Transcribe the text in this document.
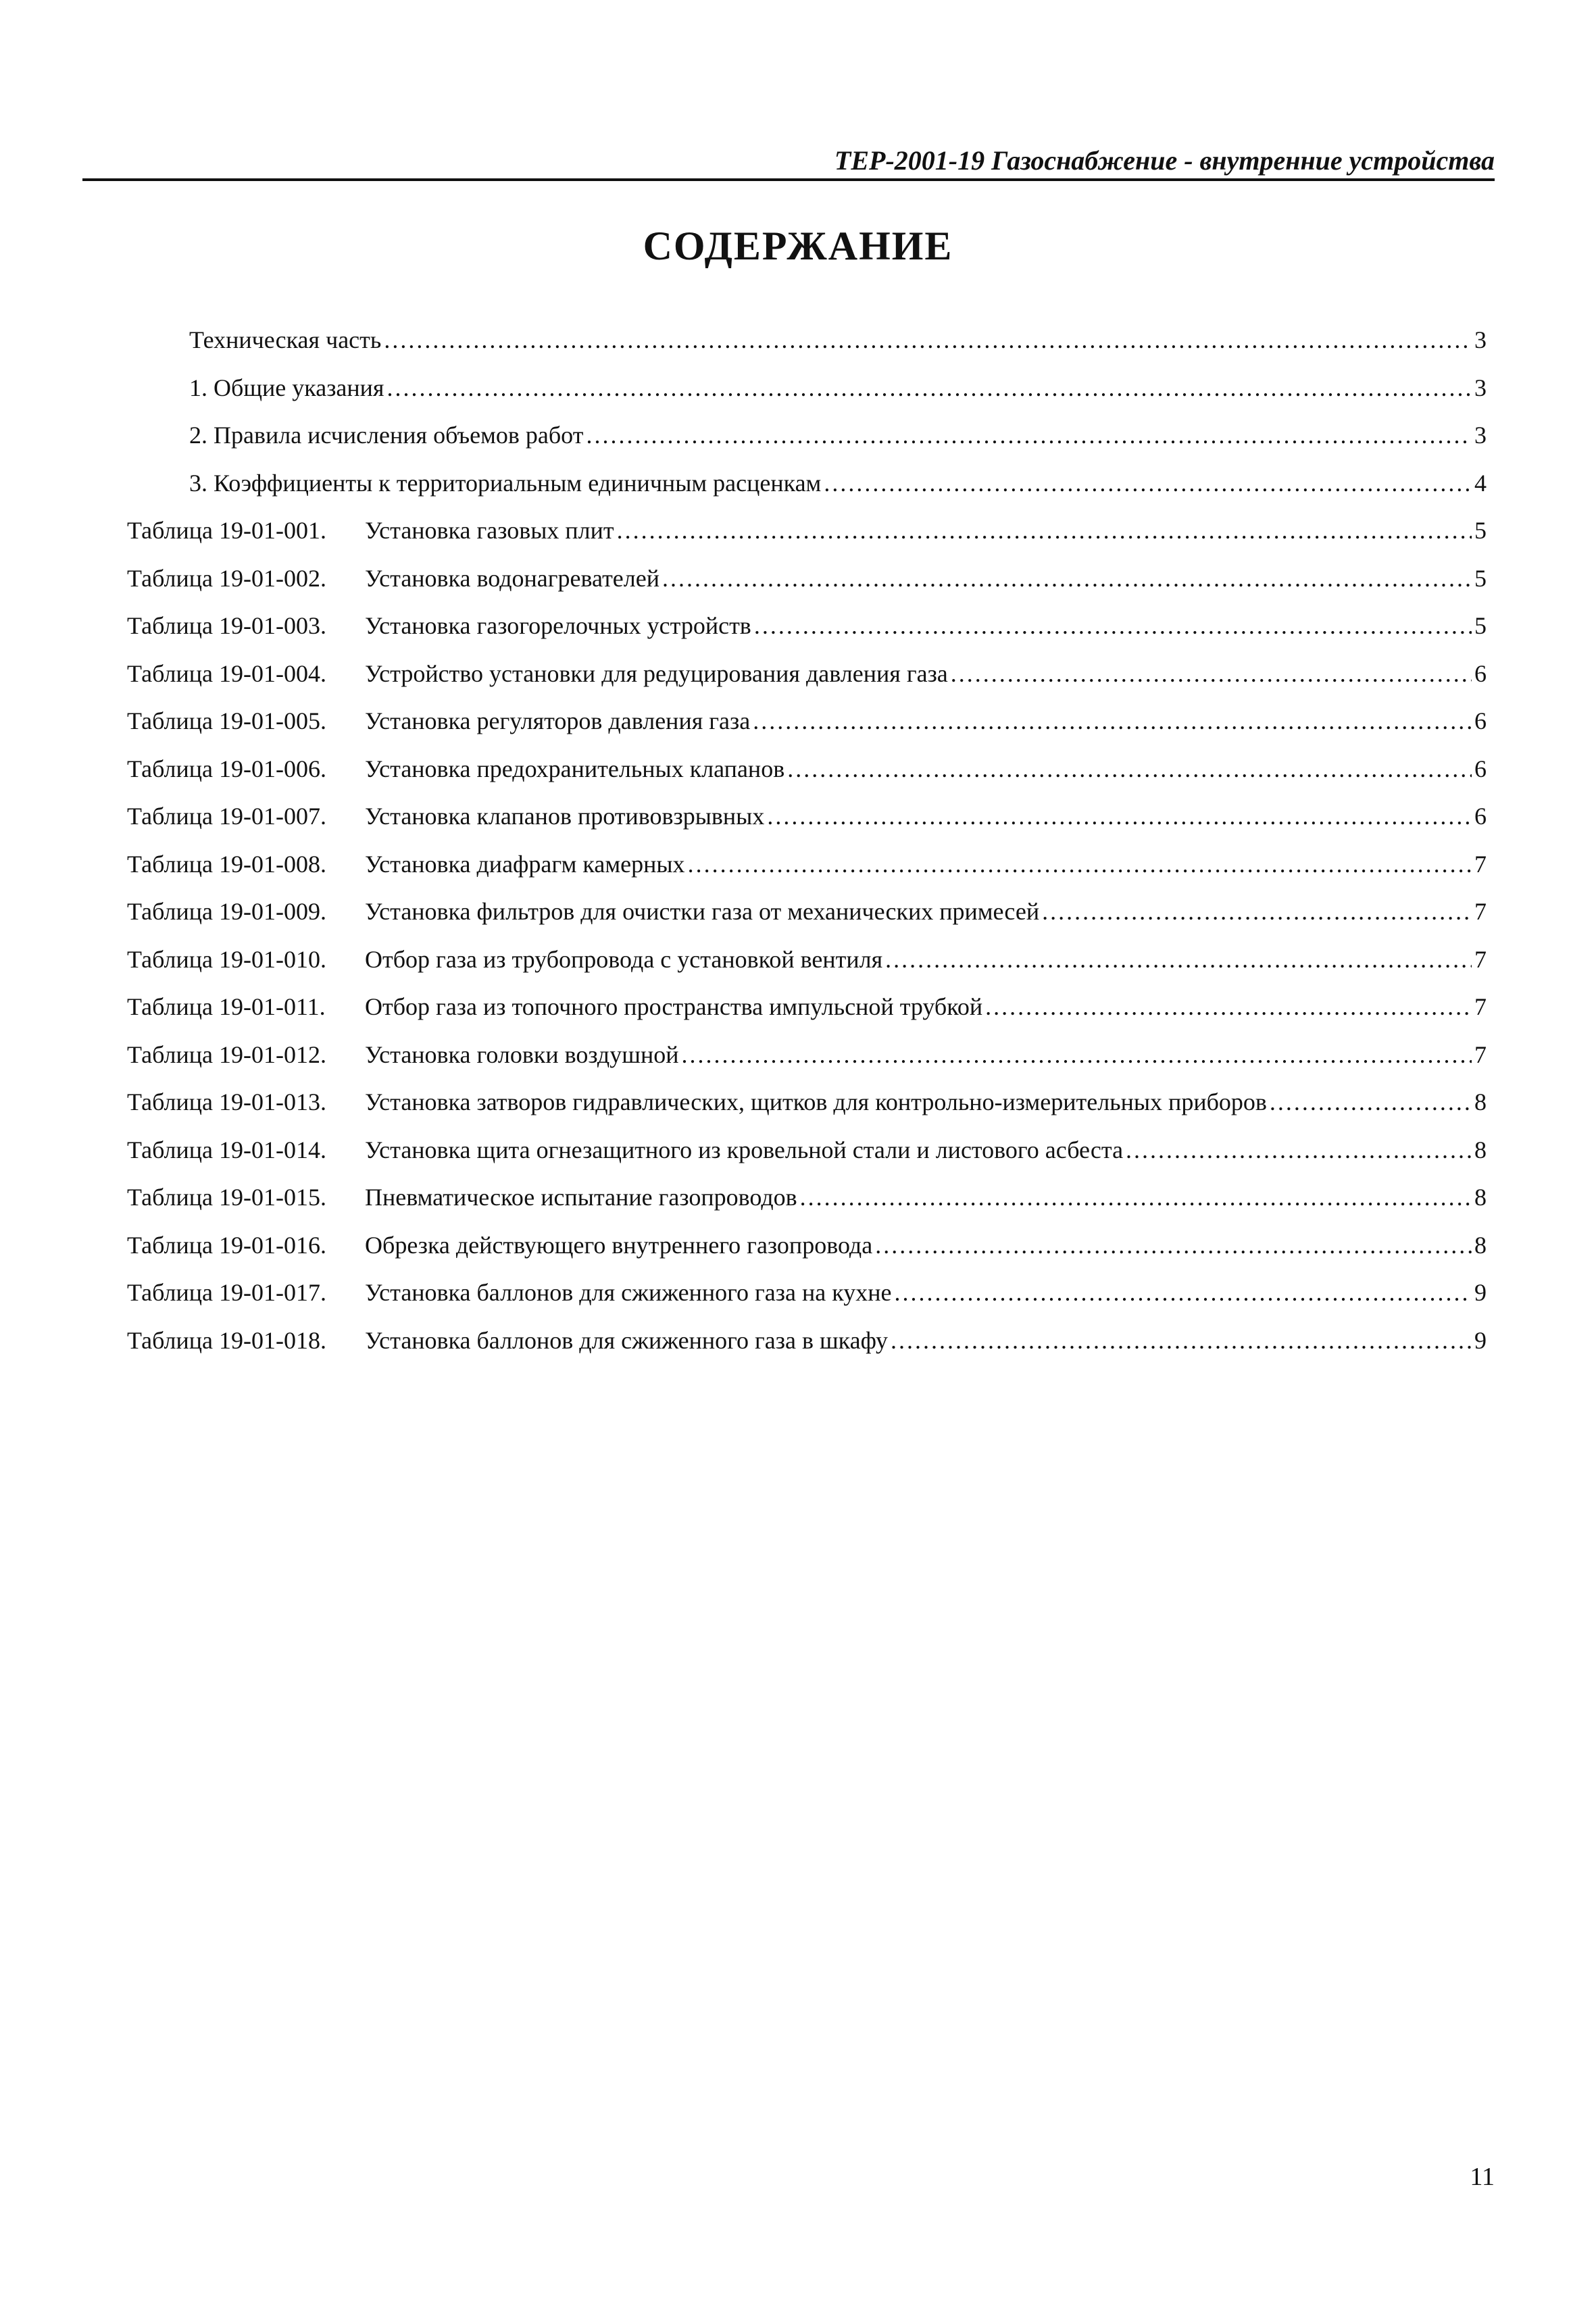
ТЕР-2001-19 Газоснабжение - внутренние устройства
СОДЕРЖАНИЕ
Техническая часть .....	3
1. Общие указания .....	3
2. Правила исчисления объемов работ .....	3
3. Коэффициенты к территориальным единичным расценкам .....	4
Таблица 19-01-001. Установка газовых плит .....	5
Таблица 19-01-002. Установка водонагревателей .....	5
Таблица 19-01-003. Установка газогорелочных устройств .....	5
Таблица 19-01-004. Устройство установки для редуцирования давления газа .....	6
Таблица 19-01-005. Установка регуляторов давления газа .....	6
Таблица 19-01-006. Установка предохранительных клапанов .....	6
Таблица 19-01-007. Установка клапанов противовзрывных .....	6
Таблица 19-01-008. Установка диафрагм камерных .....	7
Таблица 19-01-009. Установка фильтров для очистки газа от механических примесей .....	7
Таблица 19-01-010. Отбор газа из трубопровода с установкой вентиля .....	7
Таблица 19-01-011. Отбор газа из топочного пространства импульсной трубкой .....	7
Таблица 19-01-012. Установка головки воздушной .....	7
Таблица 19-01-013. Установка затворов гидравлических, щитков для контрольно-измерительных приборов .....	8
Таблица 19-01-014. Установка щита огнезащитного из кровельной стали и листового асбеста .....	8
Таблица 19-01-015. Пневматическое испытание газопроводов .....	8
Таблица 19-01-016. Обрезка действующего внутреннего газопровода .....	8
Таблица 19-01-017. Установка баллонов для сжиженного газа на кухне .....	9
Таблица 19-01-018. Установка баллонов для сжиженного газа в шкафу .....	9
11
